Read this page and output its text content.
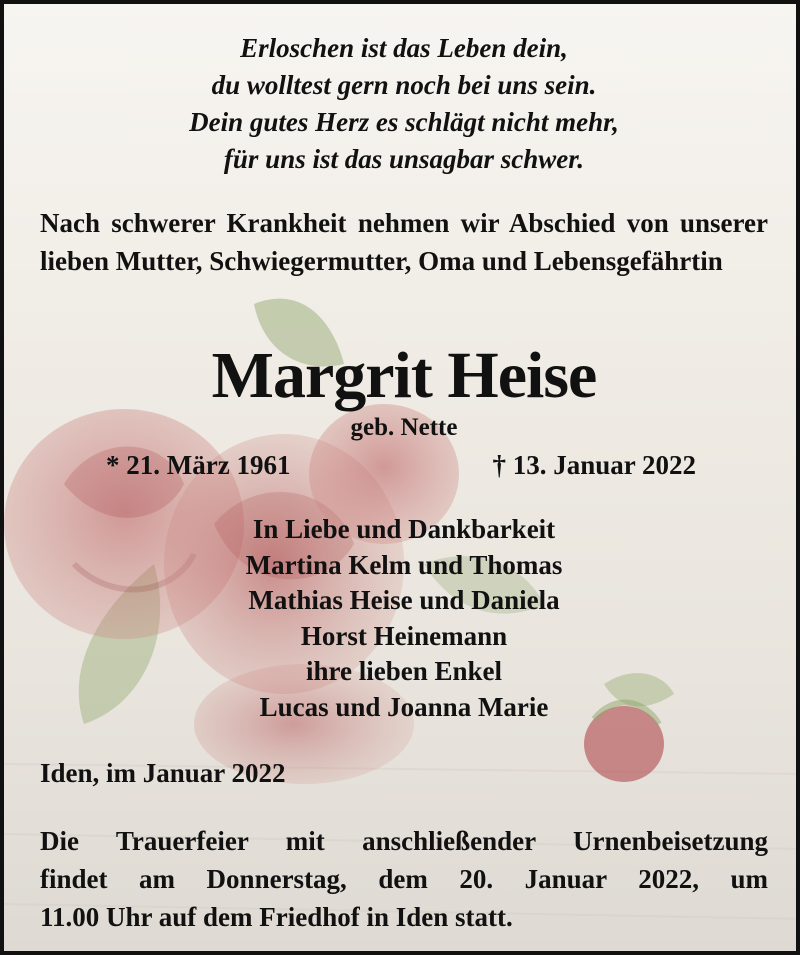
Erloschen ist das Leben dein,
du wolltest gern noch bei uns sein.
Dein gutes Herz es schlägt nicht mehr,
für uns ist das unsagbar schwer.
Nach schwerer Krankheit nehmen wir Abschied von unserer lieben Mutter, Schwiegermutter, Oma und Lebensgefährtin
Margrit Heise
geb. Nette
* 21. März 1961	† 13. Januar 2022
In Liebe und Dankbarkeit
Martina Kelm und Thomas
Mathias Heise und Daniela
Horst Heinemann
ihre lieben Enkel
Lucas und Joanna Marie
Iden, im Januar 2022
Die Trauerfeier mit anschließender Urnenbeisetzung
findet am Donnerstag, dem 20. Januar 2022, um
11.00 Uhr auf dem Friedhof in Iden statt.
